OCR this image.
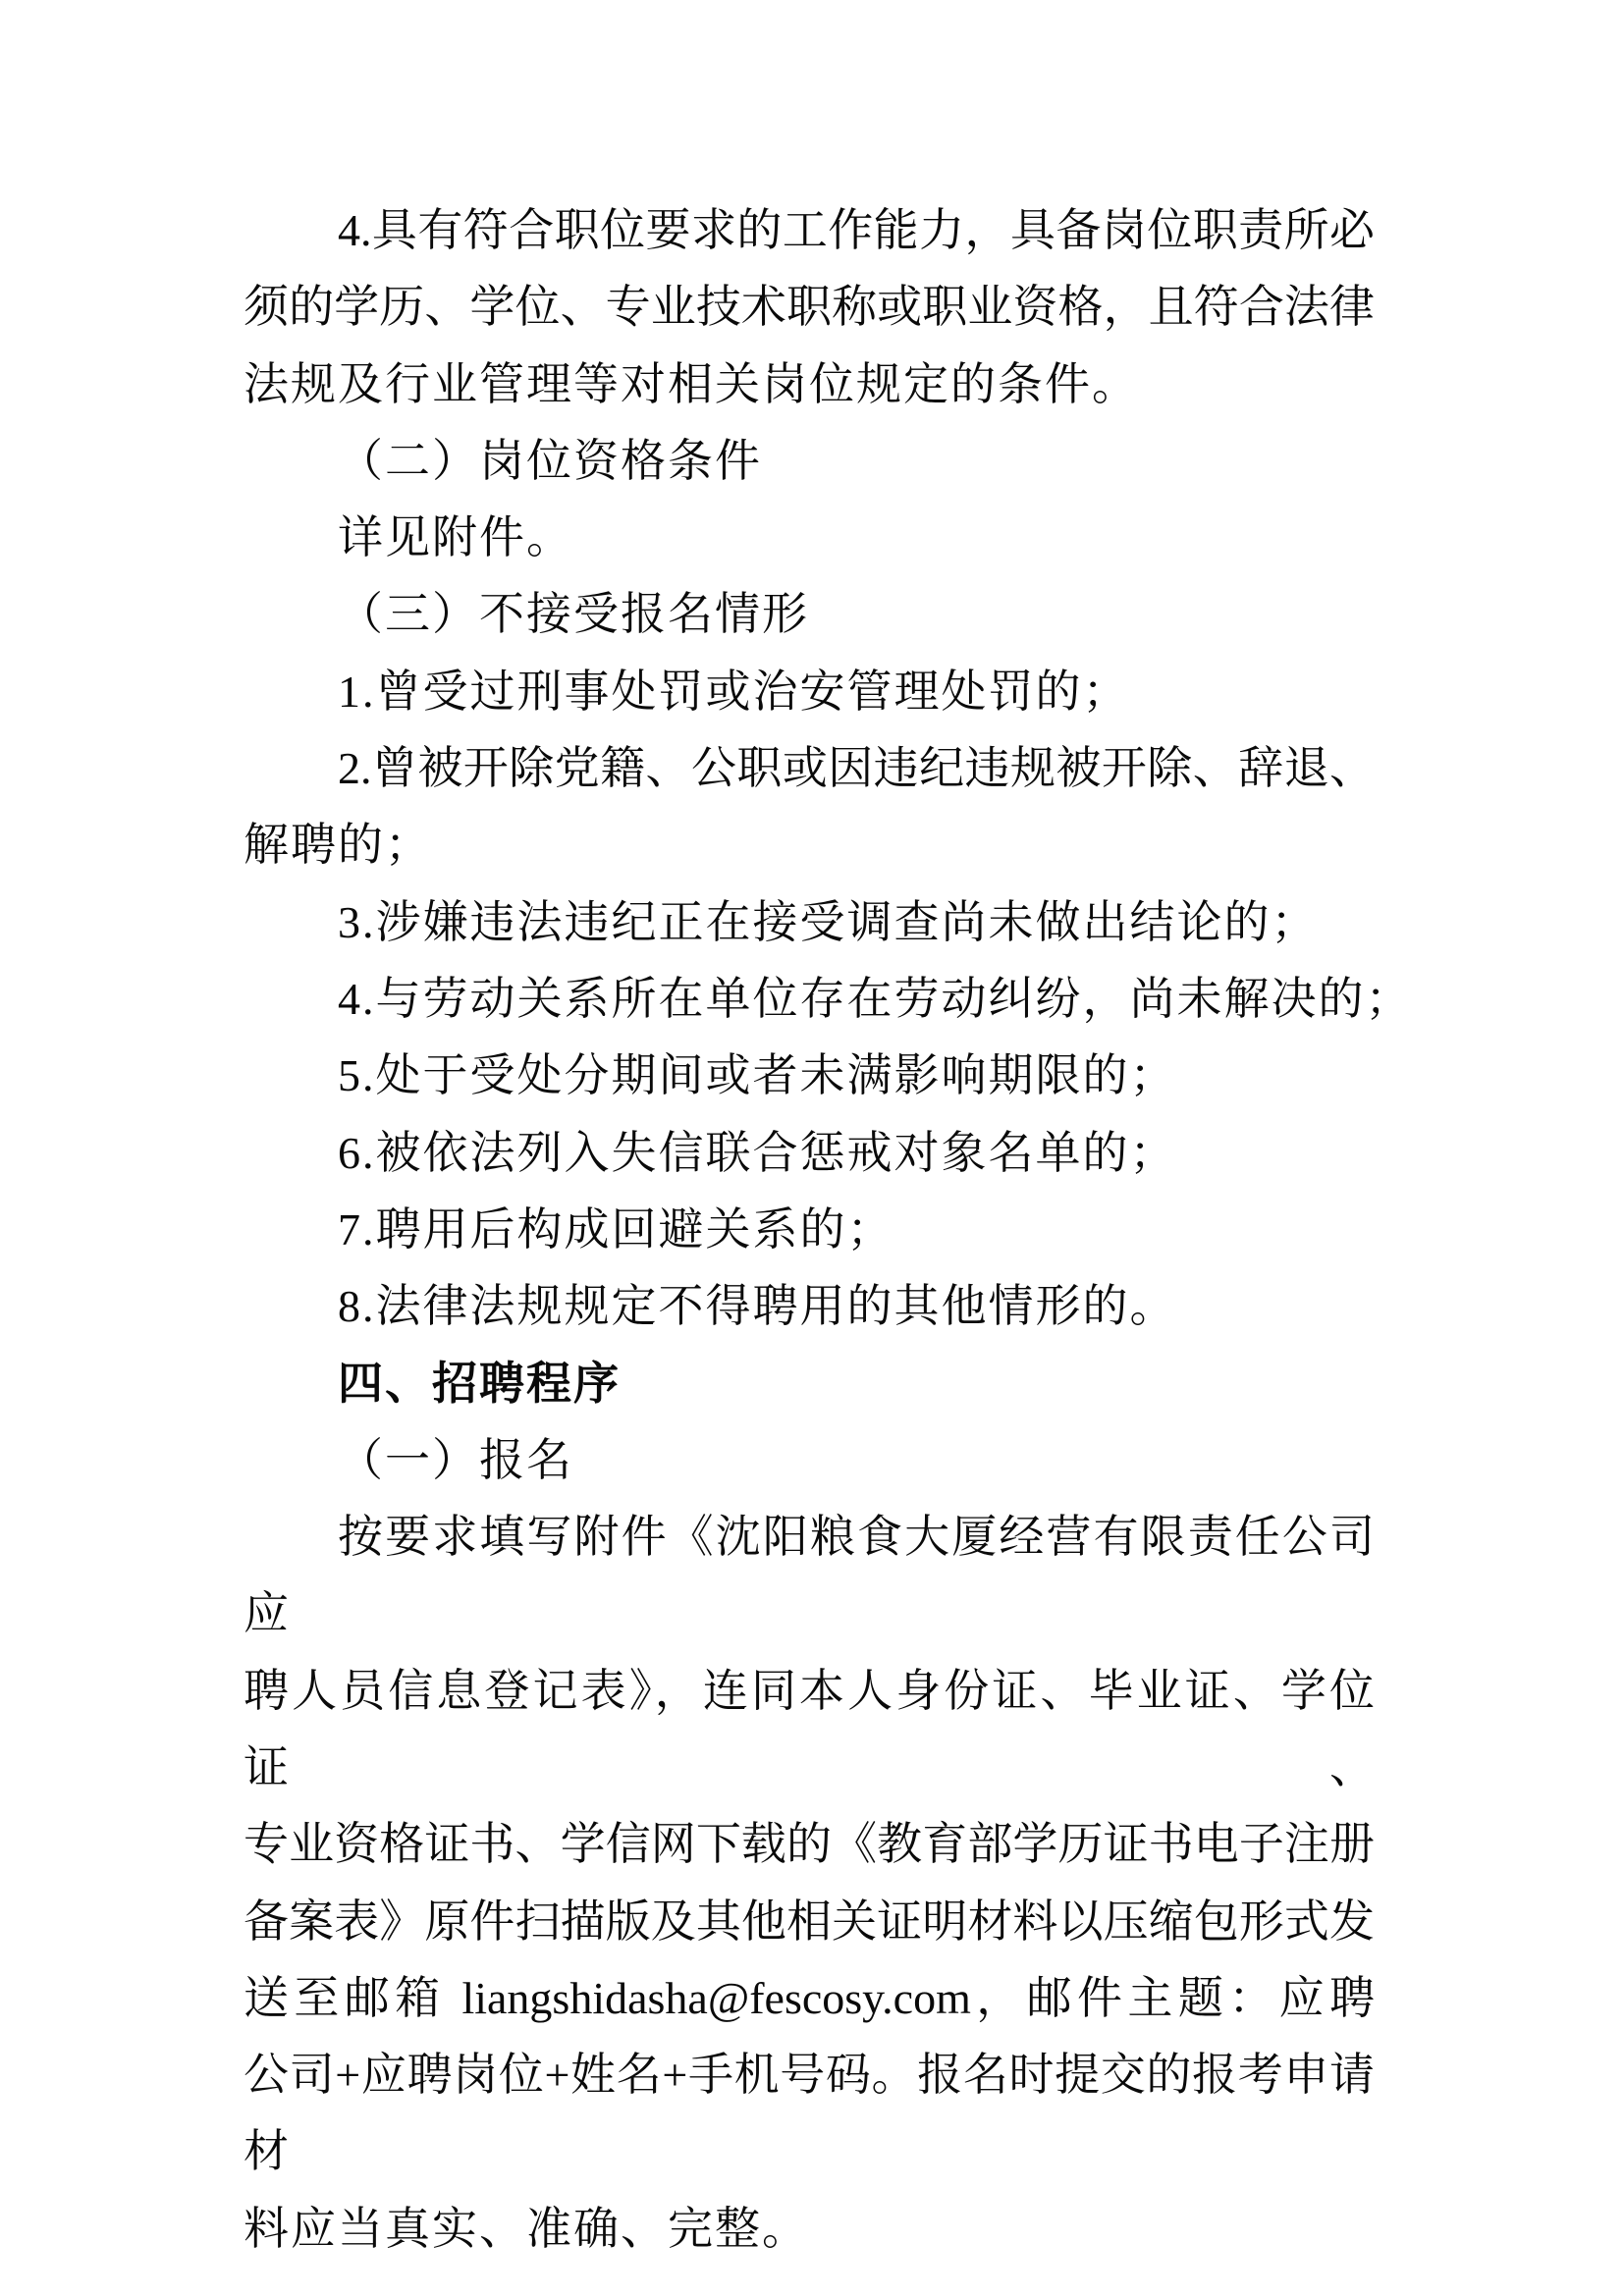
4.具有符合职位要求的工作能力，具备岗位职责所必
须的学历、学位、专业技术职称或职业资格，且符合法律
法规及行业管理等对相关岗位规定的条件。

（二）岗位资格条件

详见附件。

（三）不接受报名情形

1.曾受过刑事处罚或治安管理处罚的；

2.曾被开除党籍、公职或因违纪违规被开除、辞退、
解聘的；

3.涉嫌违法违纪正在接受调查尚未做出结论的；

4.与劳动关系所在单位存在劳动纠纷，尚未解决的；

5.处于受处分期间或者未满影响期限的；

6.被依法列入失信联合惩戒对象名单的；

7.聘用后构成回避关系的；

8.法律法规规定不得聘用的其他情形的。

四、招聘程序

（一）报名

按要求填写附件《沈阳粮食大厦经营有限责任公司应
聘人员信息登记表》，连同本人身份证、毕业证、学位证、
专业资格证书、学信网下载的《教育部学历证书电子注册
备案表》原件扫描版及其他相关证明材料以压缩包形式发
送至邮箱 liangshidasha@fescosy.com，邮件主题：应聘
公司+应聘岗位+姓名+手机号码。报名时提交的报考申请材
料应当真实、准确、完整。
